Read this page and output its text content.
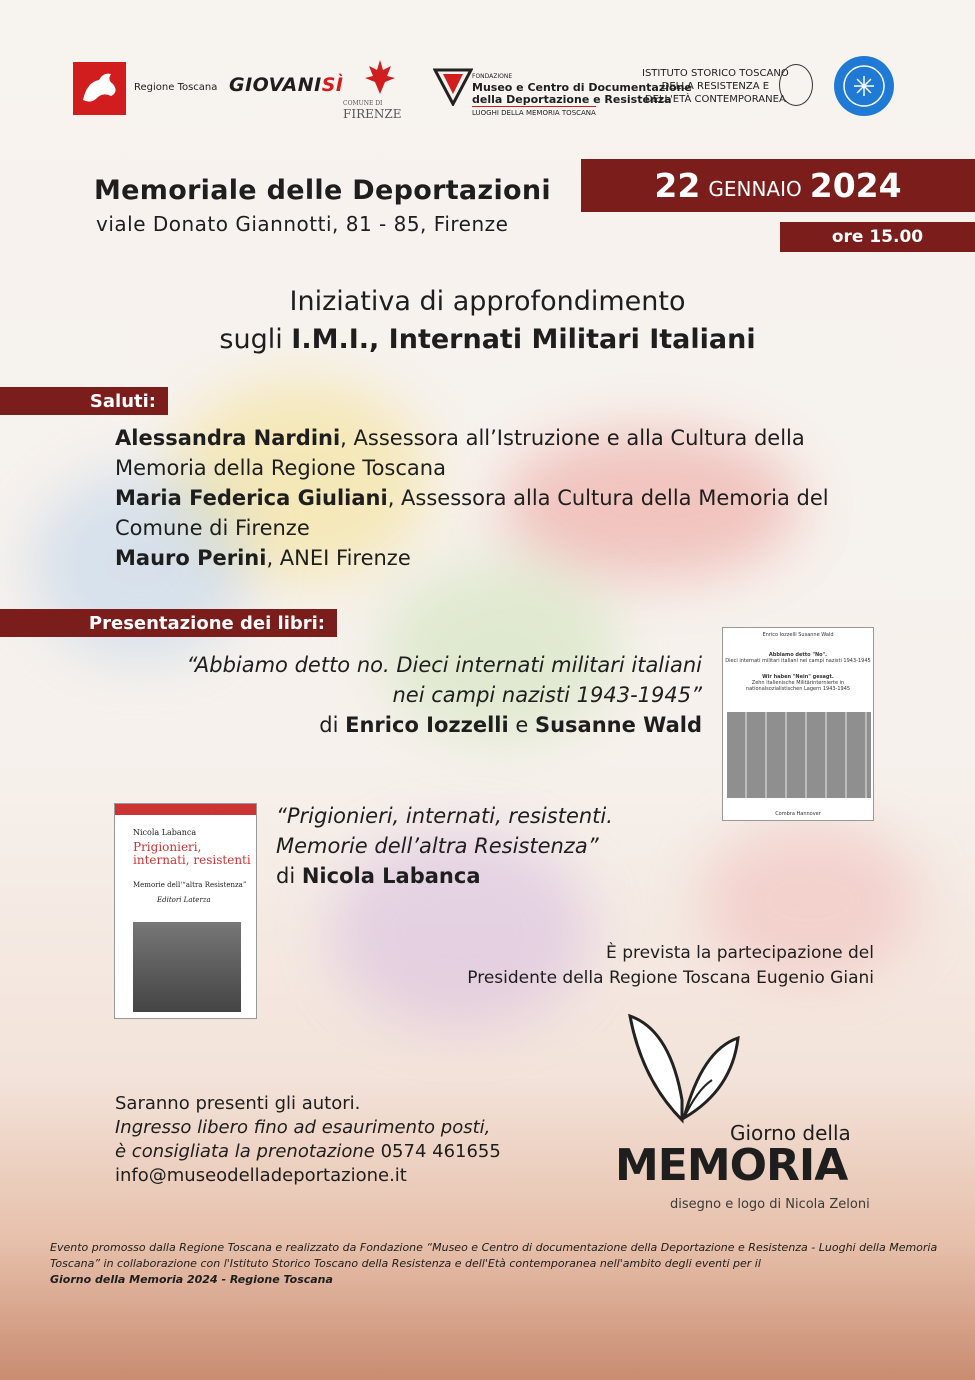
Regione Toscana GIOVANISÌ
COMUNE DI
FIRENZE
FONDAZIONE
Museo e Centro di Documentazione
della Deportazione e Resistenza
LUOGHI DELLA MEMORIA TOSCANA
ISTITUTO STORICO TOSCANO
DELLA RESISTENZA E
DELL'ETÀ CONTEMPORANEA
Memoriale delle Deportazioni
viale Donato Giannotti, 81 - 85, Firenze
22 GENNAIO 2024
ore 15.00
Iniziativa di approfondimento
sugli I.M.I., Internati Militari Italiani
Saluti:
Alessandra Nardini, Assessora all’Istruzione e alla Cultura della Memoria della Regione Toscana
Maria Federica Giuliani, Assessora alla Cultura della Memoria del Comune di Firenze
Mauro Perini, ANEI Firenze
Presentazione dei libri:
“Abbiamo detto no. Dieci internati militari italiani
nei campi nazisti 1943-1945”
di Enrico Iozzelli e Susanne Wald
Enrico Iozzelli Susanne Wald
Abbiamo detto "No".
Dieci internati militari italiani nei campi nazisti 1943-1945
Wir haben "Nein" gesagt.
Zehn italienische Militärinternierte in nationalsozialistischen Lagern 1943-1945
Combra Hannover
“Prigionieri, internati, resistenti.
Memorie dell’altra Resistenza”
di Nicola Labanca
Storia e Società
Nicola Labanca
Prigionieri, internati, resistenti
Memorie dell'“altra Resistenza”
Editori Laterza
È prevista la partecipazione del
Presidente della Regione Toscana Eugenio Giani
Saranno presenti gli autori.
Ingresso libero fino ad esaurimento posti,
è consigliata la prenotazione 0574 461655
info@museodelladeportazione.it
Giorno della
MEMORIA
disegno e logo di Nicola Zeloni
Evento promosso dalla Regione Toscana e realizzato da Fondazione “Museo e Centro di documentazione della Deportazione e Resistenza - Luoghi della Memoria Toscana” in collaborazione con l'Istituto Storico Toscano della Resistenza e dell'Età contemporanea nell'ambito degli eventi per il
Giorno della Memoria 2024 - Regione Toscana
